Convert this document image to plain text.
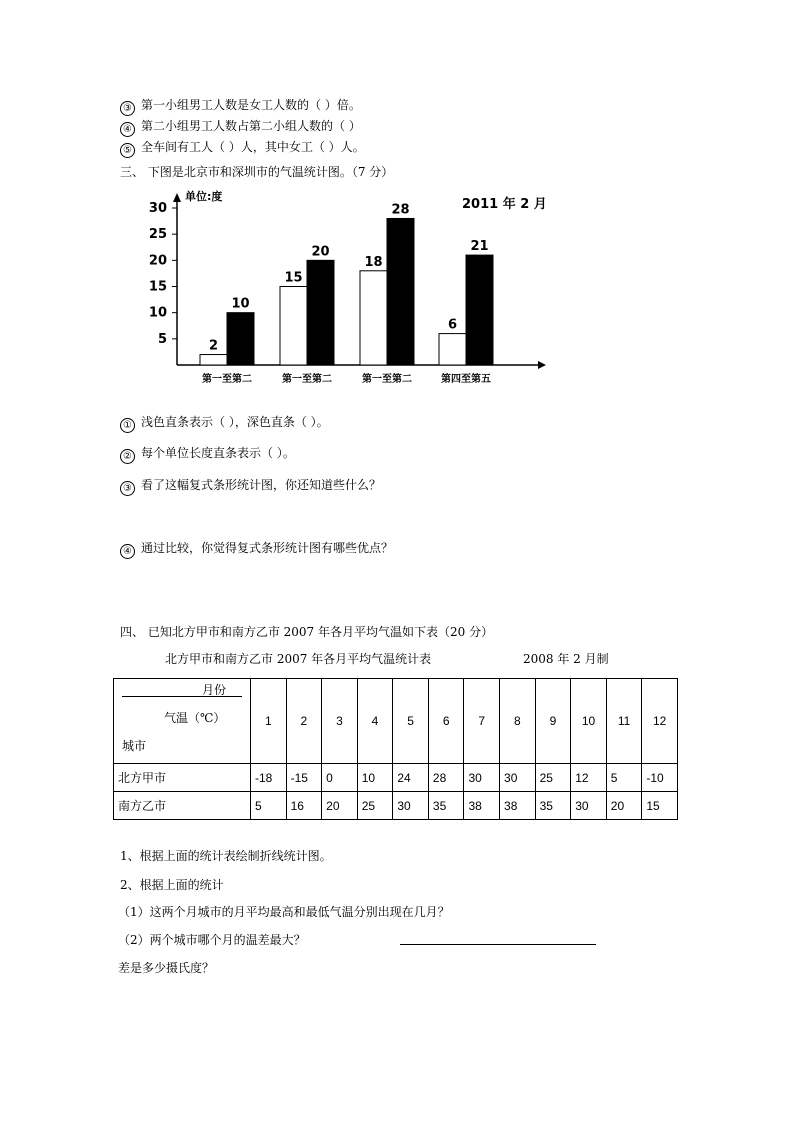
③ 第一小组男工人数是女工人数的（ ）倍。
④ 第二小组男工人数占第二小组人数的（ ）
⑤ 全车间有工人（ ）人，其中女工（ ）人。
三、 下图是北京市和深圳市的气温统计图。（7 分）
5
10
15
20
25
30
单位:度
2011 年 2 月
2
10
第一至第二
15
20
第一至第二
18
28
第一至第二
6
21
第四至第五
① 浅色直条表示（ ），深色直条（ ）。
② 每个单位长度直条表示（ ）。
③ 看了这幅复式条形统计图，你还知道些什么？
④ 通过比较，你觉得复式条形统计图有哪些优点？
四、 已知北方甲市和南方乙市 2007 年各月平均气温如下表（20 分）
北方甲市和南方乙市 2007 年各月平均气温统计表	2008 年 2 月制
月份
气温（℃）
城市	1	2	3	4	5	6	7	8	9	10	11	12
北方甲市	-18	-15	0	10	24	28	30	30	25	12	5	-10
南方乙市	5	16	20	25	30	35	38	38	35	30	20	15
1、根据上面的统计表绘制折线统计图。
2、根据上面的统计
（1）这两个月城市的月平均最高和最低气温分别出现在几月？
（2）两个城市哪个月的温差最大？
差是多少摄氏度？
